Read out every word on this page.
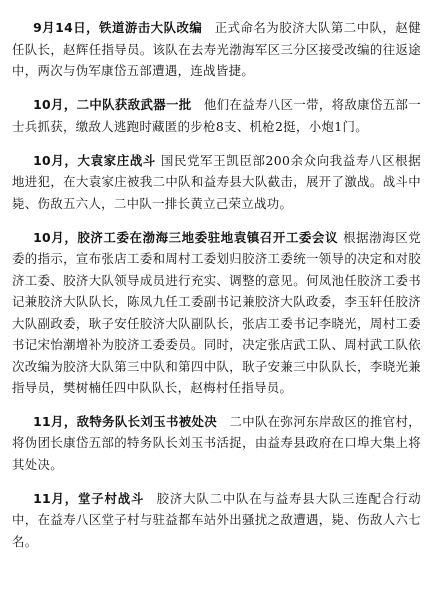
9月14日，铁道游击大队改编 正式命名为胶济大队第二中队，赵健任队长，赵辉任指导员。该队在去寿光渤海军区三分区接受改编的往返途中，两次与伪军康岱五部遭遇，连战皆捷。

10月，二中队获敌武器一批 他们在益寿八区一带，将敌康岱五部一士兵抓获，缴敌人逃跑时藏匿的步枪8支、机枪2挺，小炮1门。

10月，大袁家庄战斗 国民党军王凯臣部200余众向我益寿八区根据地进犯，在大袁家庄被我二中队和益寿县大队截击，展开了激战。战斗中毙、伤敌五六人，二中队一排长黄立己荣立战功。

10月，胶济工委在渤海三地委驻地袁镇召开工委会议 根据渤海区党委的指示，宣布张店工委和周村工委划归胶济工委统一领导的决定和对胶济工委、胶济大队领导成员进行充实、调整的意见。何凤池任胶济工委书记兼胶济大队队长，陈凤九任工委副书记兼胶济大队政委，李玉轩任胶济大队副政委，耿子安任胶济大队副队长，张店工委书记李晓光，周村工委书记宋怡潮增补为胶济工委委员。同时，决定张店武工队、周村武工队依次改编为胶济大队第三中队和第四中队，耿子安兼三中队队长，李晓光兼指导员，樊树楠任四中队队长，赵梅村任指导员。

11月，敌特务队长刘玉书被处决 二中队在弥河东岸敌区的推官村，将伪团长康岱五部的特务队长刘玉书活捉，由益寿县政府在口埠大集上将其处决。

11月，堂子村战斗 胶济大队二中队在与益寿县大队三连配合行动中，在益寿八区堂子村与驻益都车站外出骚扰之敌遭遇，毙、伤敌人六七名。
